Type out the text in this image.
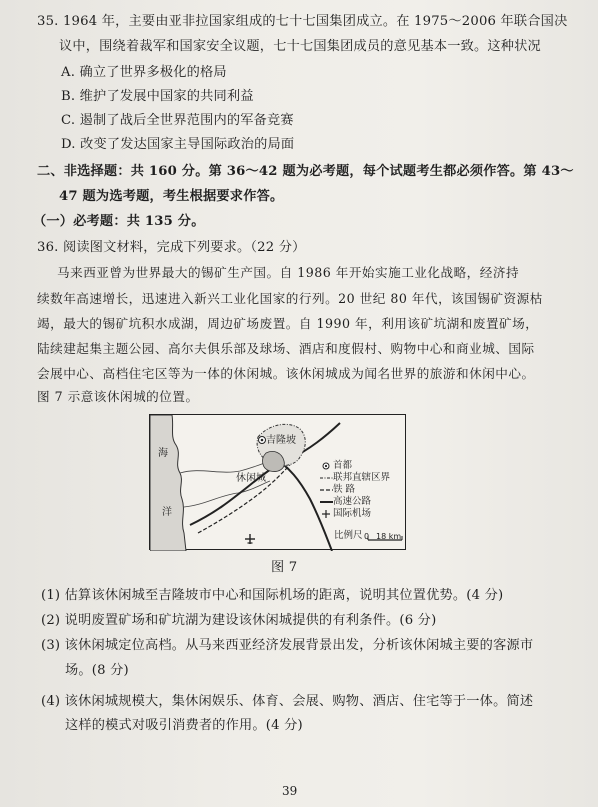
35. 1964 年，主要由亚非拉国家组成的七十七国集团成立。在 1975～2006 年联合国决
议中，围绕着裁军和国家安全议题，七十七国集团成员的意见基本一致。这种状况
A. 确立了世界多极化的格局
B. 维护了发展中国家的共同利益
C. 遏制了战后全世界范围内的军备竞赛
D. 改变了发达国家主导国际政治的局面
二、非选择题：共 160 分。第 36～42 题为必考题，每个试题考生都必须作答。第 43～
47 题为选考题，考生根据要求作答。
（一）必考题：共 135 分。
36. 阅读图文材料，完成下列要求。（22 分）
马来西亚曾为世界最大的锡矿生产国。自 1986 年开始实施工业化战略，经济持
续数年高速增长，迅速进入新兴工业化国家的行列。20 世纪 80 年代，该国锡矿资源枯
竭，最大的锡矿坑积水成湖，周边矿场废置。自 1990 年，利用该矿坑湖和废置矿场，
陆续建起集主题公园、高尔夫俱乐部及球场、酒店和度假村、购物中心和商业城、国际
会展中心、高档住宅区等为一体的休闲城。该休闲城成为闻名世界的旅游和休闲中心。
图 7 示意该休闲城的位置。
海
洋
吉隆坡
休闲城
首都
联邦直辖区界
铁 路
高速公路
国际机场
比例尺 0 18 km
图 7
(1) 估算该休闲城至吉隆坡市中心和国际机场的距离，说明其位置优势。(4 分)
(2) 说明废置矿场和矿坑湖为建设该休闲城提供的有利条件。(6 分)
(3) 该休闲城定位高档。从马来西亚经济发展背景出发，分析该休闲城主要的客源市
场。(8 分)
(4) 该休闲城规模大，集休闲娱乐、体育、会展、购物、酒店、住宅等于一体。简述
这样的模式对吸引消费者的作用。(4 分)
39
